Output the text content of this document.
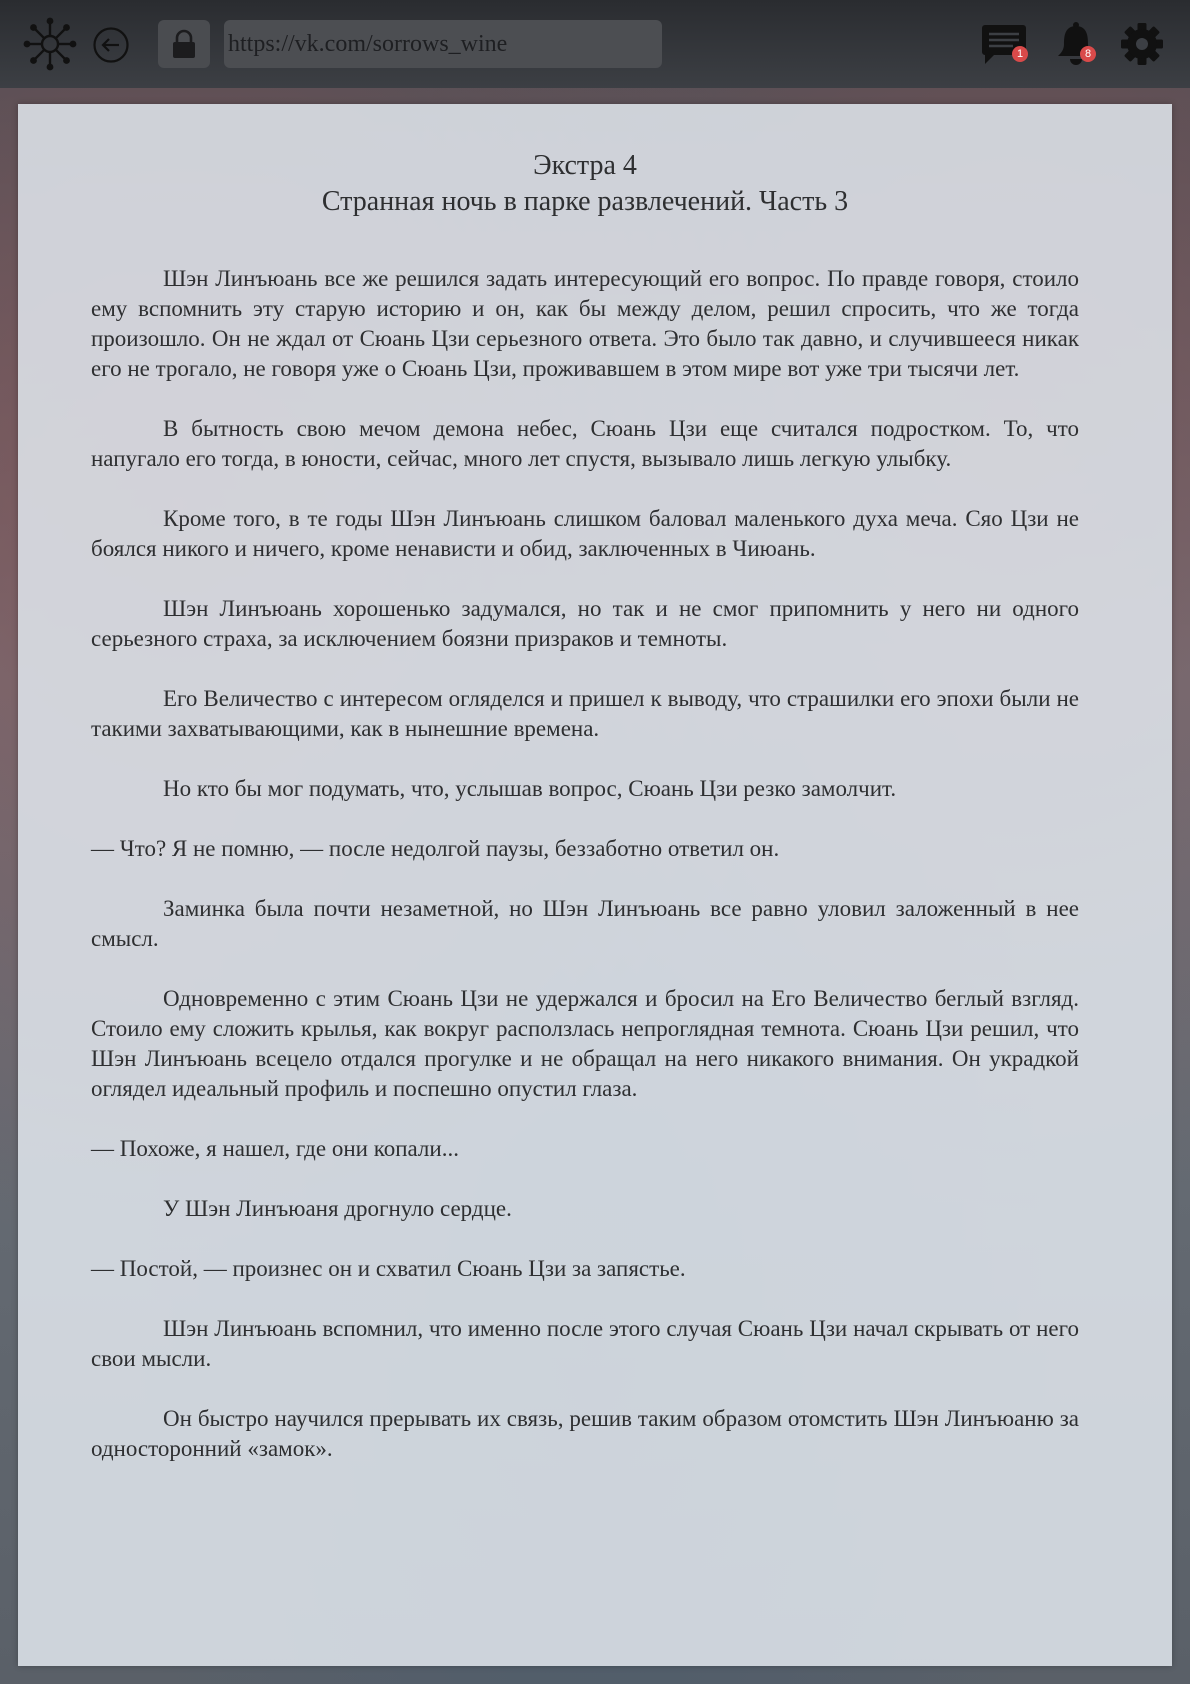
https://vk.com/sorrows_wine	1	8
Экстра 4
Странная ночь в парке развлечений. Часть 3

Шэн Линъюань все же решился задать интересующий его вопрос. По правде говоря, стоило ему вспомнить эту старую историю и он, как бы между делом, решил спросить, что же тогда произошло. Он не ждал от Сюань Цзи серьезного ответа. Это было так давно, и случившееся никак его не трогало, не говоря уже о Сюань Цзи, проживавшем в этом мире вот уже три тысячи лет.

В бытность свою мечом демона небес, Сюань Цзи еще считался подростком. То, что напугало его тогда, в юности, сейчас, много лет спустя, вызывало лишь легкую улыбку.

Кроме того, в те годы Шэн Линъюань слишком баловал маленького духа меча. Сяо Цзи не боялся никого и ничего, кроме ненависти и обид, заключенных в Чиюань.

Шэн Линъюань хорошенько задумался, но так и не смог припомнить у него ни одного серьезного страха, за исключением боязни призраков и темноты.

Его Величество с интересом огляделся и пришел к выводу, что страшилки его эпохи были не такими захватывающими, как в нынешние времена.

Но кто бы мог подумать, что, услышав вопрос, Сюань Цзи резко замолчит.

— Что? Я не помню, — после недолгой паузы, беззаботно ответил он.

Заминка была почти незаметной, но Шэн Линъюань все равно уловил заложенный в нее смысл.

Одновременно с этим Сюань Цзи не удержался и бросил на Его Величество беглый взгляд. Стоило ему сложить крылья, как вокруг расползлась непроглядная темнота. Сюань Цзи решил, что Шэн Линъюань всецело отдался прогулке и не обращал на него никакого внимания. Он украдкой оглядел идеальный профиль и поспешно опустил глаза.

— Похоже, я нашел, где они копали...

У Шэн Линъюаня дрогнуло сердце.

— Постой, — произнес он и схватил Сюань Цзи за запястье.

Шэн Линъюань вспомнил, что именно после этого случая Сюань Цзи начал скрывать от него свои мысли.

Он быстро научился прерывать их связь, решив таким образом отомстить Шэн Линъюаню за односторонний «замок».
